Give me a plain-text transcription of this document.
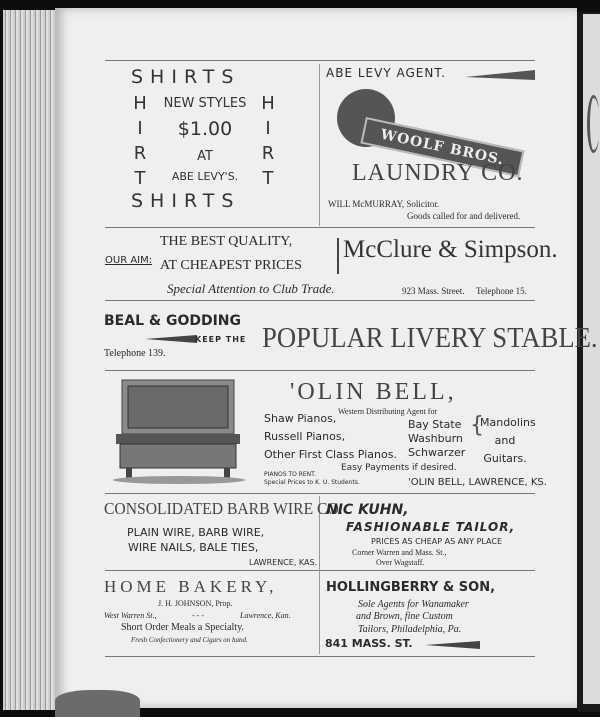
SHIRTS
SHIRTS
H
I
R
T
H
I
R
T
NEW STYLES
$1.00
AT
ABE LEVY'S.
ABE LEVY AGENT.
WOOLF BROS.
LAUNDRY CO.
WILL McMURRAY, Solicitor.
Goods called for and delivered.
OUR AIM:
THE BEST QUALITY,
AT CHEAPEST PRICES
McClure & Simpson.
Special Attention to Club Trade.	923 Mass. Street. Telephone 15.
BEAL & GODDING
KEEP THE
Telephone 139.	POPULAR LIVERY STABLE.
'OLIN BELL,
Western Distributing Agent for
Shaw Pianos,
Russell Pianos,
Other First Class Pianos.
Bay State
Washburn
Schwarzer
{
Mandolins
and
Guitars.
PIANOS TO RENT.
Special Prices to K. U. Students.
Easy Payments if desired.
'OLIN BELL, LAWRENCE, KS.
CONSOLIDATED BARB WIRE CO.
PLAIN WIRE, BARB WIRE,
WIRE NAILS, BALE TIES,
LAWRENCE, KAS.
NIC KUHN,
FASHIONABLE TAILOR,
PRICES AS CHEAP AS ANY PLACE
Corner Warren and Mass. St.,
Over Wagstaff.
HOME BAKERY,
J. H. JOHNSON, Prop.
West Warren St.,	- - -	Lawrence, Kan.
Short Order Meals a Specialty.
Fresh Confectionery and Cigars on hand.
HOLLINGBERRY & SON,
Sole Agents for Wanamaker
and Brown, fine Custom
Tailors, Philadelphia, Pa.
841 MASS. ST.
